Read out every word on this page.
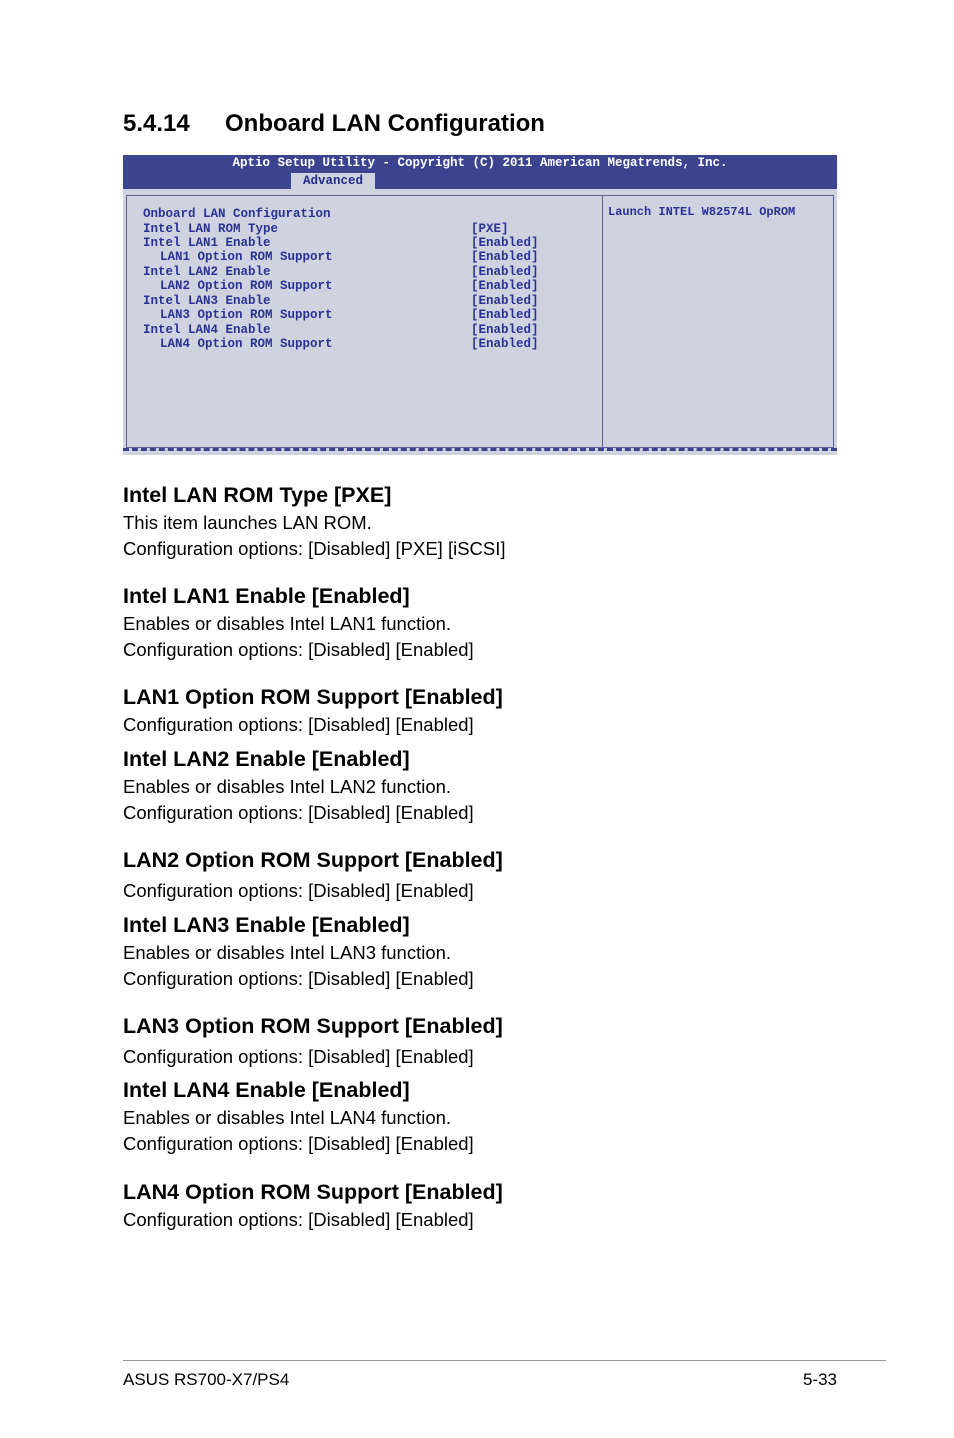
5.4.14 Onboard LAN Configuration
Aptio Setup Utility - Copyright (C) 2011 American Megatrends, Inc.
Advanced
Onboard LAN Configuration
Intel LAN ROM Type	[PXE]
Intel LAN1 Enable	[Enabled]
LAN1 Option ROM Support	[Enabled]
Intel LAN2 Enable	[Enabled]
LAN2 Option ROM Support	[Enabled]
Intel LAN3 Enable	[Enabled]
LAN3 Option ROM Support	[Enabled]
Intel LAN4 Enable	[Enabled]
LAN4 Option ROM Support	[Enabled]
Launch INTEL W82574L OpROM
Intel LAN ROM Type [PXE]

This item launches LAN ROM.

Configuration options: [Disabled] [PXE] [iSCSI]

Intel LAN1 Enable [Enabled]

Enables or disables Intel LAN1 function.

Configuration options: [Disabled] [Enabled]

LAN1 Option ROM Support [Enabled]

Configuration options: [Disabled] [Enabled]

Intel LAN2 Enable [Enabled]

Enables or disables Intel LAN2 function.

Configuration options: [Disabled] [Enabled]

LAN2 Option ROM Support [Enabled]

Configuration options: [Disabled] [Enabled]

Intel LAN3 Enable [Enabled]

Enables or disables Intel LAN3 function.

Configuration options: [Disabled] [Enabled]

LAN3 Option ROM Support [Enabled]

Configuration options: [Disabled] [Enabled]

Intel LAN4 Enable [Enabled]

Enables or disables Intel LAN4 function.

Configuration options: [Disabled] [Enabled]

LAN4 Option ROM Support [Enabled]

Configuration options: [Disabled] [Enabled]

ASUS RS700-X7/PS4	5-33
